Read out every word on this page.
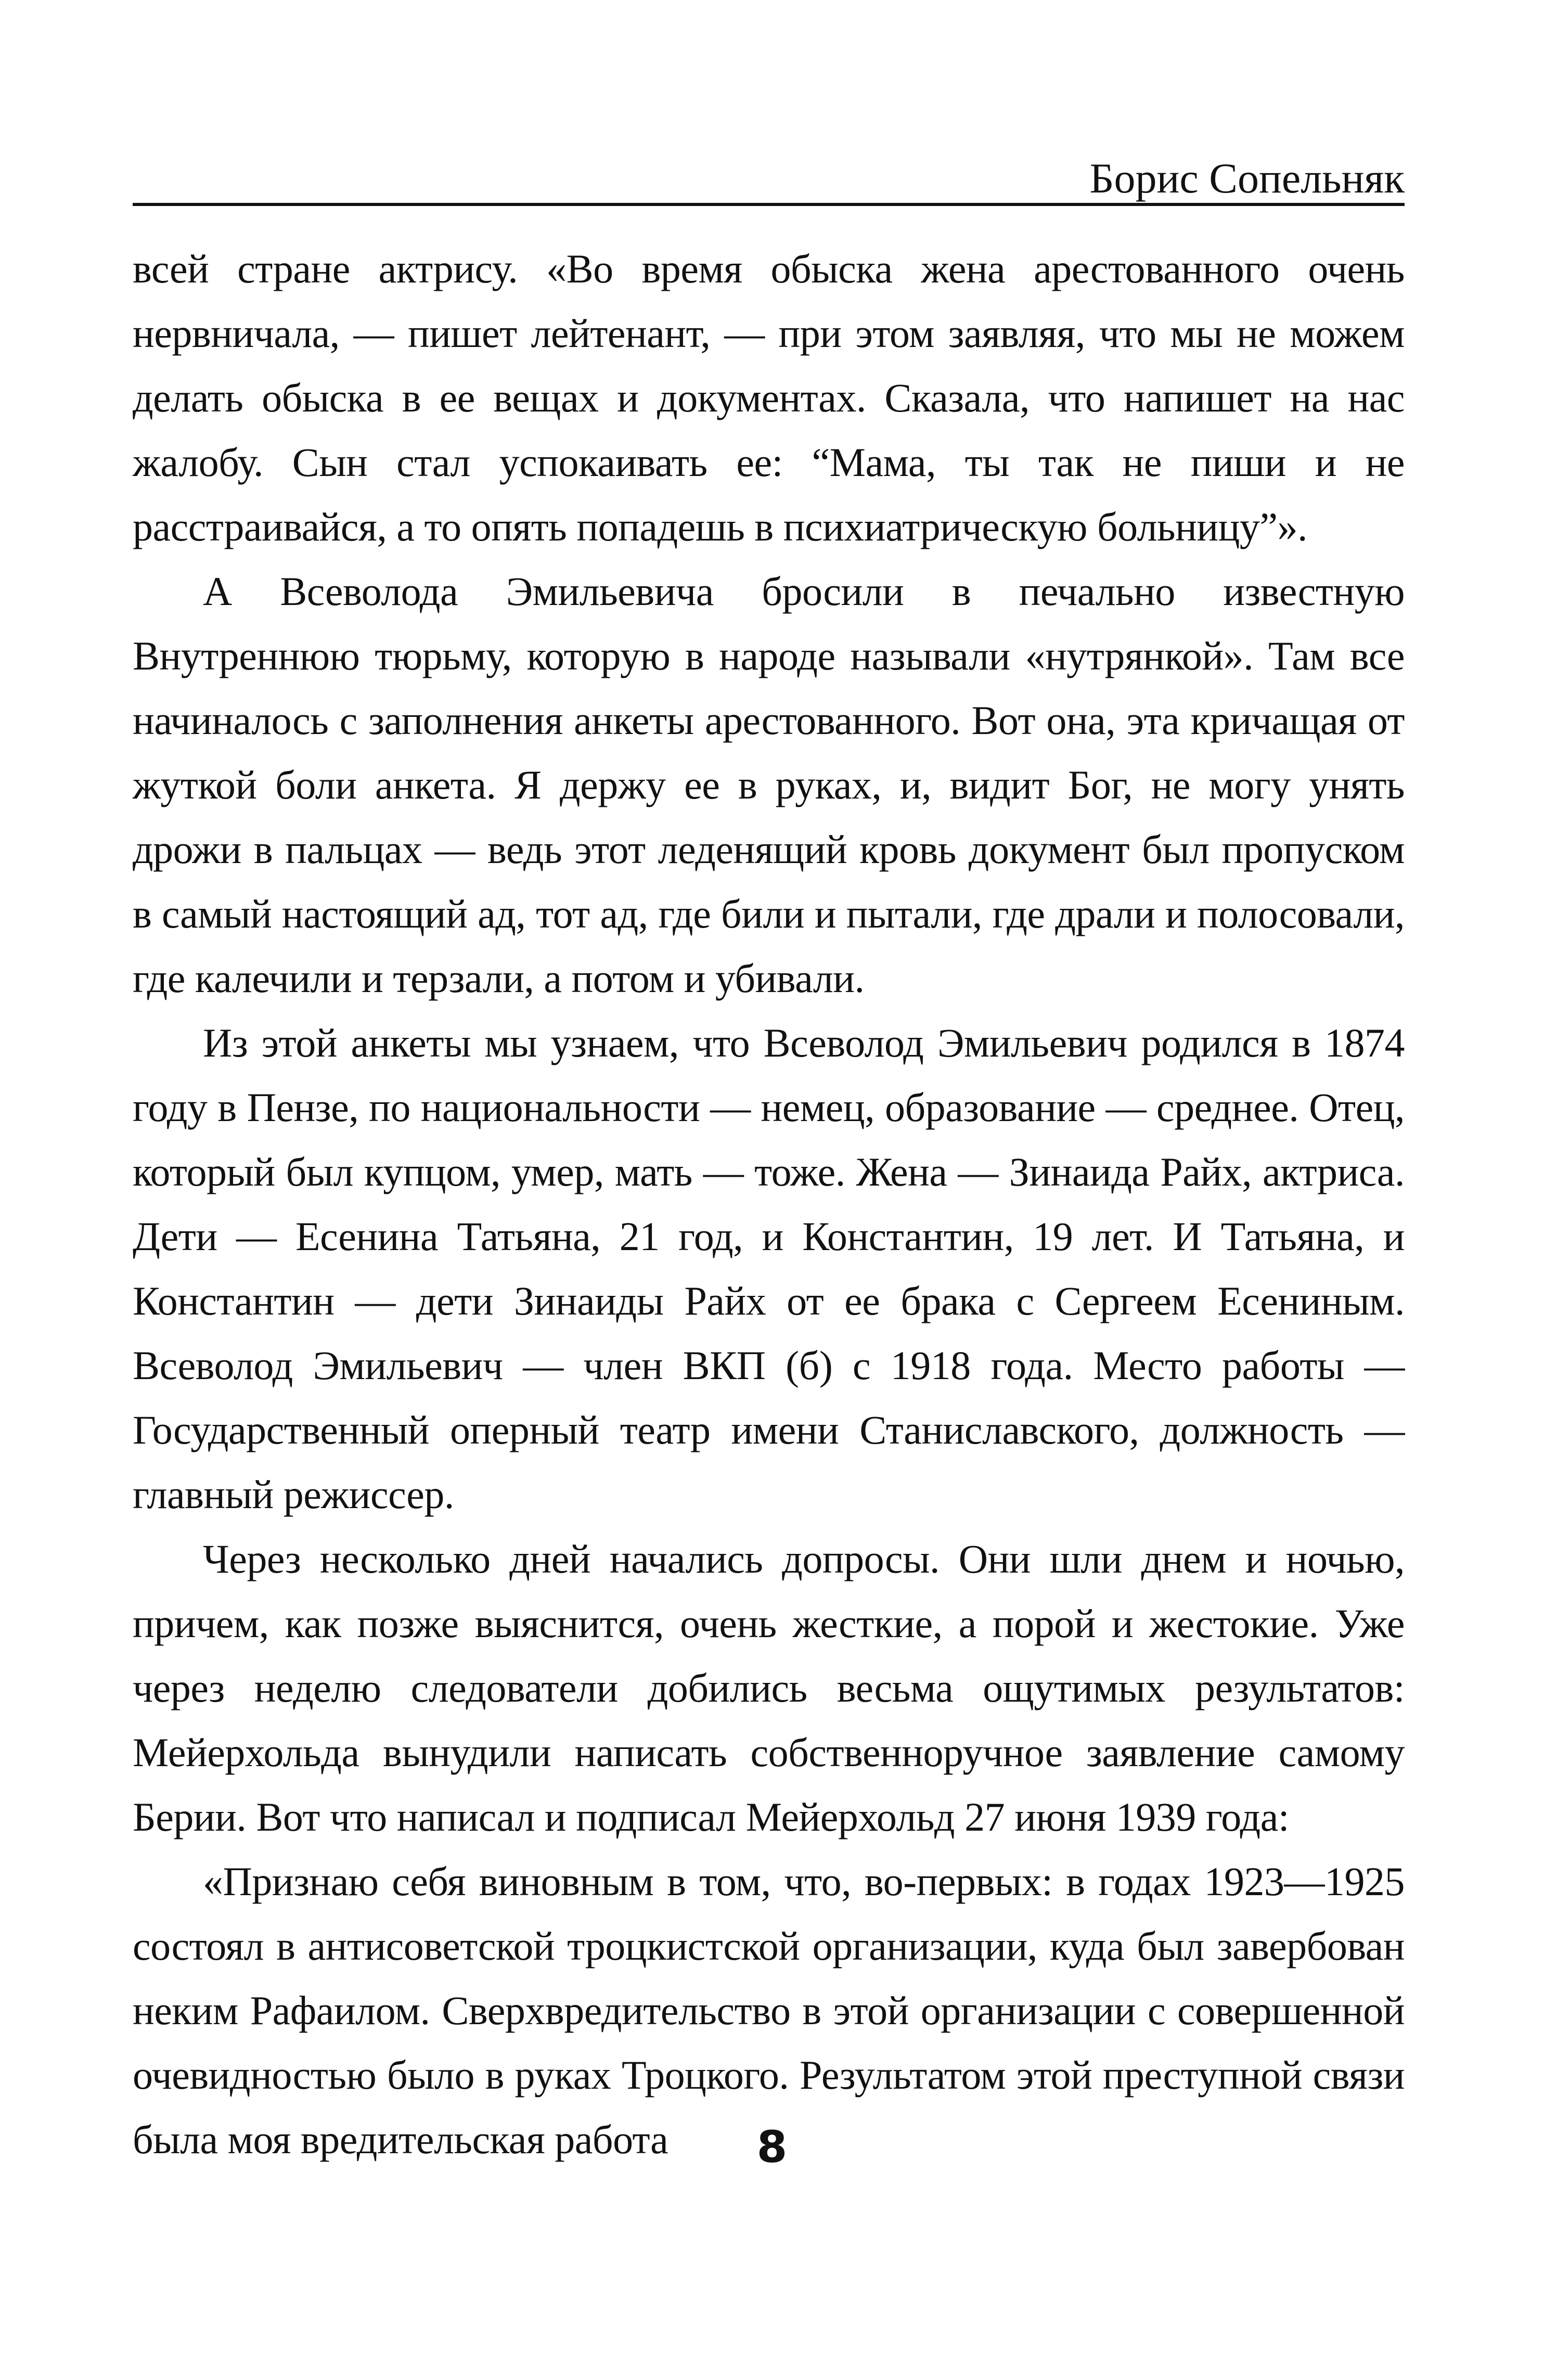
Борис Сопельняк

всей стране актрису. «Во время обыска жена арестованного очень нервничала, — пишет лейтенант, — при этом заявляя, что мы не можем делать обыска в ее вещах и документах. Сказала, что напишет на нас жалобу. Сын стал успокаивать ее: “Мама, ты так не пиши и не расстраивайся, а то опять попадешь в психиатрическую больницу”».

А Всеволода Эмильевича бросили в печально известную Внутреннюю тюрьму, которую в народе называли «нутрянкой». Там все начиналось с заполнения анкеты арестованного. Вот она, эта кричащая от жуткой боли анкета. Я держу ее в руках, и, видит Бог, не могу унять дрожи в пальцах — ведь этот леденящий кровь документ был пропуском в самый настоящий ад, тот ад, где били и пытали, где драли и полосовали, где калечили и терзали, а потом и убивали.

Из этой анкеты мы узнаем, что Всеволод Эмильевич родился в 1874 году в Пензе, по национальности — немец, образование — среднее. Отец, который был купцом, умер, мать — тоже. Жена — Зинаида Райх, актриса. Дети — Есенина Татьяна, 21 год, и Константин, 19 лет. И Татьяна, и Константин — дети Зинаиды Райх от ее брака с Сергеем Есениным. Всеволод Эмильевич — член ВКП (б) с 1918 года. Место работы — Государственный оперный театр имени Станиславского, должность — главный режиссер.

Через несколько дней начались допросы. Они шли днем и ночью, причем, как позже выяснится, очень жесткие, а порой и жестокие. Уже через неделю следователи добились весьма ощутимых результатов: Мейерхольда вынудили написать собственноручное заявление самому Берии. Вот что написал и подписал Мейерхольд 27 июня 1939 года:

«Признаю себя виновным в том, что, во-первых: в годах 1923—1925 состоял в антисоветской троцкистской организации, куда был завербован неким Рафаилом. Сверхвредительство в этой организации с совершенной очевидностью было в руках Троцкого. Результатом этой преступной связи была моя вредительская работа	8
